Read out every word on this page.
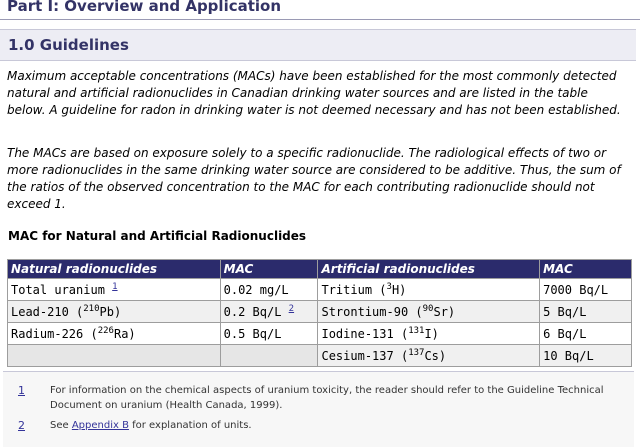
Part I: Overview and Application
1.0 Guidelines

Maximum acceptable concentrations (MACs) have been established for the most commonly detected natural and artificial radionuclides in Canadian drinking water sources and are listed in the table below. A guideline for radon in drinking water is not deemed necessary and has not been established.

The MACs are based on exposure solely to a specific radionuclide. The radiological effects of two or more radionuclides in the same drinking water source are considered to be additive. Thus, the sum of the ratios of the observed concentration to the MAC for each contributing radionuclide should not exceed 1.

MAC for Natural and Artificial Radionuclides
Natural radionuclides	MAC	Artificial radionuclides	MAC
Total uranium $^1$	0.02 mg/L	Tritium ($^3$H)	7000 Bq/L
Lead-210 ($^{210}$Pb)	0.2 Bq/L $^2$	Strontium-90 ($^{90}$Sr)	5 Bq/L
Radium-226 ($^{226}$Ra)	0.5 Bq/L	Iodine-131 ($^{131}$I)	6 Bq/L
		Cesium-137 ($^{137}$Cs)	10 Bq/L
1	For information on the chemical aspects of uranium toxicity, the reader should refer to the Guideline Technical Document on uranium (Health Canada, 1999).
2	See Appendix B for explanation of units.
